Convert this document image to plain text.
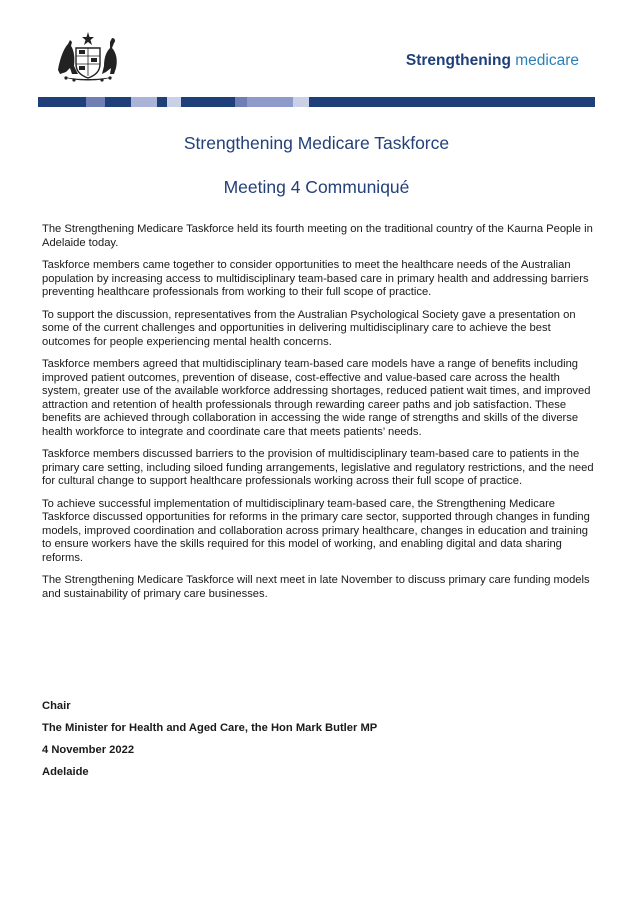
Strengthening medicare
Strengthening Medicare Taskforce
Meeting 4 Communiqué

The Strengthening Medicare Taskforce held its fourth meeting on the traditional country of the Kaurna People in Adelaide today.

Taskforce members came together to consider opportunities to meet the healthcare needs of the Australian population by increasing access to multidisciplinary team-based care in primary health and addressing barriers preventing healthcare professionals from working to their full scope of practice.

To support the discussion, representatives from the Australian Psychological Society gave a presentation on some of the current challenges and opportunities in delivering multidisciplinary care to achieve the best outcomes for people experiencing mental health concerns.

Taskforce members agreed that multidisciplinary team-based care models have a range of benefits including improved patient outcomes, prevention of disease, cost-effective and value-based care across the health system, greater use of the available workforce addressing shortages, reduced patient wait times, and improved attraction and retention of health professionals through rewarding career paths and job satisfaction. These benefits are achieved through collaboration in accessing the wide range of strengths and skills of the diverse health workforce to integrate and coordinate care that meets patients’ needs.

Taskforce members discussed barriers to the provision of multidisciplinary team-based care to patients in the primary care setting, including siloed funding arrangements, legislative and regulatory restrictions, and the need for cultural change to support healthcare professionals working across their full scope of practice.

To achieve successful implementation of multidisciplinary team-based care, the Strengthening Medicare Taskforce discussed opportunities for reforms in the primary care sector, supported through changes in funding models, improved coordination and collaboration across primary healthcare, changes in education and training to ensure workers have the skills required for this model of working, and enabling digital and data sharing reforms.

The Strengthening Medicare Taskforce will next meet in late November to discuss primary care funding models and sustainability of primary care businesses.

Chair
The Minister for Health and Aged Care, the Hon Mark Butler MP
4 November 2022
Adelaide
